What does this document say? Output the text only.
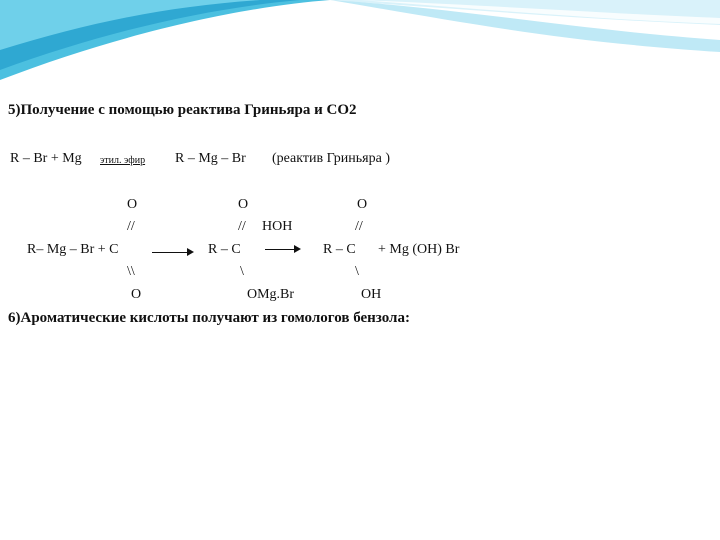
5)Получение с помощью реактива Гриньяра и СО2
R – Br + Mg этил. эфир R – Mg – Br (реактив Гриньяра )
O	O	O
//	// НОН	//
R– Mg – Br + C → R – C → R – C + Mg (OH) Br
\\	\	\
O	OMg.Br	OH
6)Ароматические кислоты получают из гомологов бензола:
